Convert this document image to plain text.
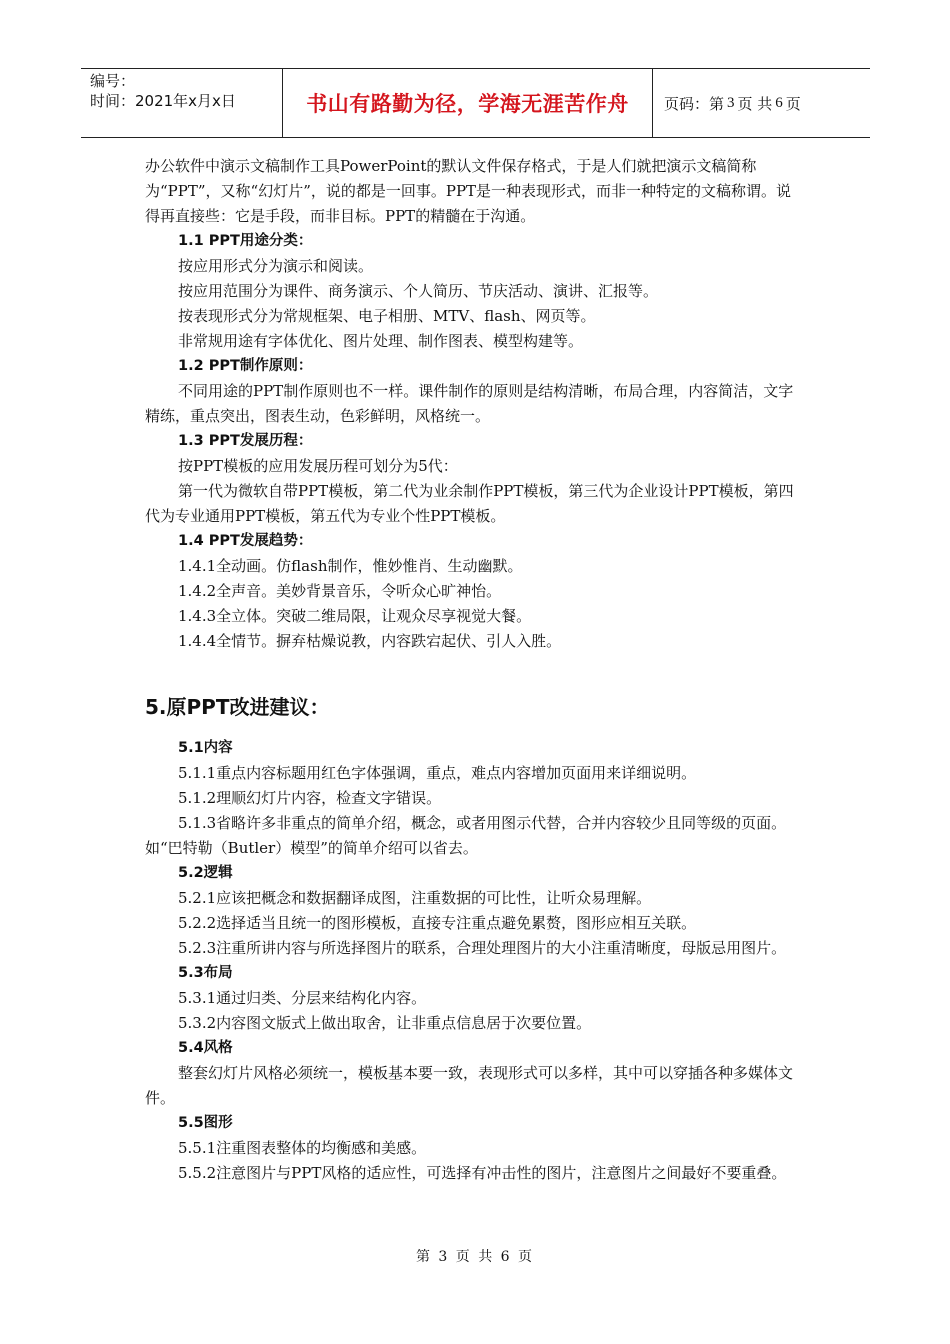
编号：
时间：2021年x月x日	书山有路勤为径，学海无涯苦作舟 页码：第 3 页 共 6 页

办公软件中演示文稿制作工具PowerPoint的默认文件保存格式，于是人们就把演示文稿简称为“PPT”，又称“幻灯片”，说的都是一回事。PPT是一种表现形式，而非一种特定的文稿称谓。说得再直接些：它是手段，而非目标。PPT的精髓在于沟通。

1.1 PPT用途分类：

按应用形式分为演示和阅读。

按应用范围分为课件、商务演示、个人简历、节庆活动、演讲、汇报等。

按表现形式分为常规框架、电子相册、MTV、flash、网页等。

非常规用途有字体优化、图片处理、制作图表、模型构建等。

1.2 PPT制作原则：

不同用途的PPT制作原则也不一样。课件制作的原则是结构清晰，布局合理，内容简洁，文字精练，重点突出，图表生动，色彩鲜明，风格统一。

1.3 PPT发展历程：

按PPT模板的应用发展历程可划分为5代：

第一代为微软自带PPT模板，第二代为业余制作PPT模板，第三代为企业设计PPT模板，第四代为专业通用PPT模板，第五代为专业个性PPT模板。

1.4 PPT发展趋势：

1.4.1全动画。仿flash制作，惟妙惟肖、生动幽默。

1.4.2全声音。美妙背景音乐，令听众心旷神怡。

1.4.3全立体。突破二维局限，让观众尽享视觉大餐。

1.4.4全情节。摒弃枯燥说教，内容跌宕起伏、引人入胜。

5.原PPT改进建议：
5.1内容

5.1.1重点内容标题用红色字体强调，重点，难点内容增加页面用来详细说明。

5.1.2理顺幻灯片内容，检查文字错误。

5.1.3省略许多非重点的简单介绍，概念，或者用图示代替，合并内容较少且同等级的页面。如“巴特勒（Butler）模型”的简单介绍可以省去。

5.2逻辑

5.2.1应该把概念和数据翻译成图，注重数据的可比性，让听众易理解。

5.2.2选择适当且统一的图形模板，直接专注重点避免累赘，图形应相互关联。

5.2.3注重所讲内容与所选择图片的联系，合理处理图片的大小注重清晰度，母版忌用图片。

5.3布局

5.3.1通过归类、分层来结构化内容。

5.3.2内容图文版式上做出取舍，让非重点信息居于次要位置。

5.4风格

整套幻灯片风格必须统一，模板基本要一致，表现形式可以多样，其中可以穿插各种多媒体文件。

5.5图形

5.5.1注重图表整体的均衡感和美感。

5.5.2注意图片与PPT风格的适应性，可选择有冲击性的图片，注意图片之间最好不要重叠。

第 3 页 共 6 页
